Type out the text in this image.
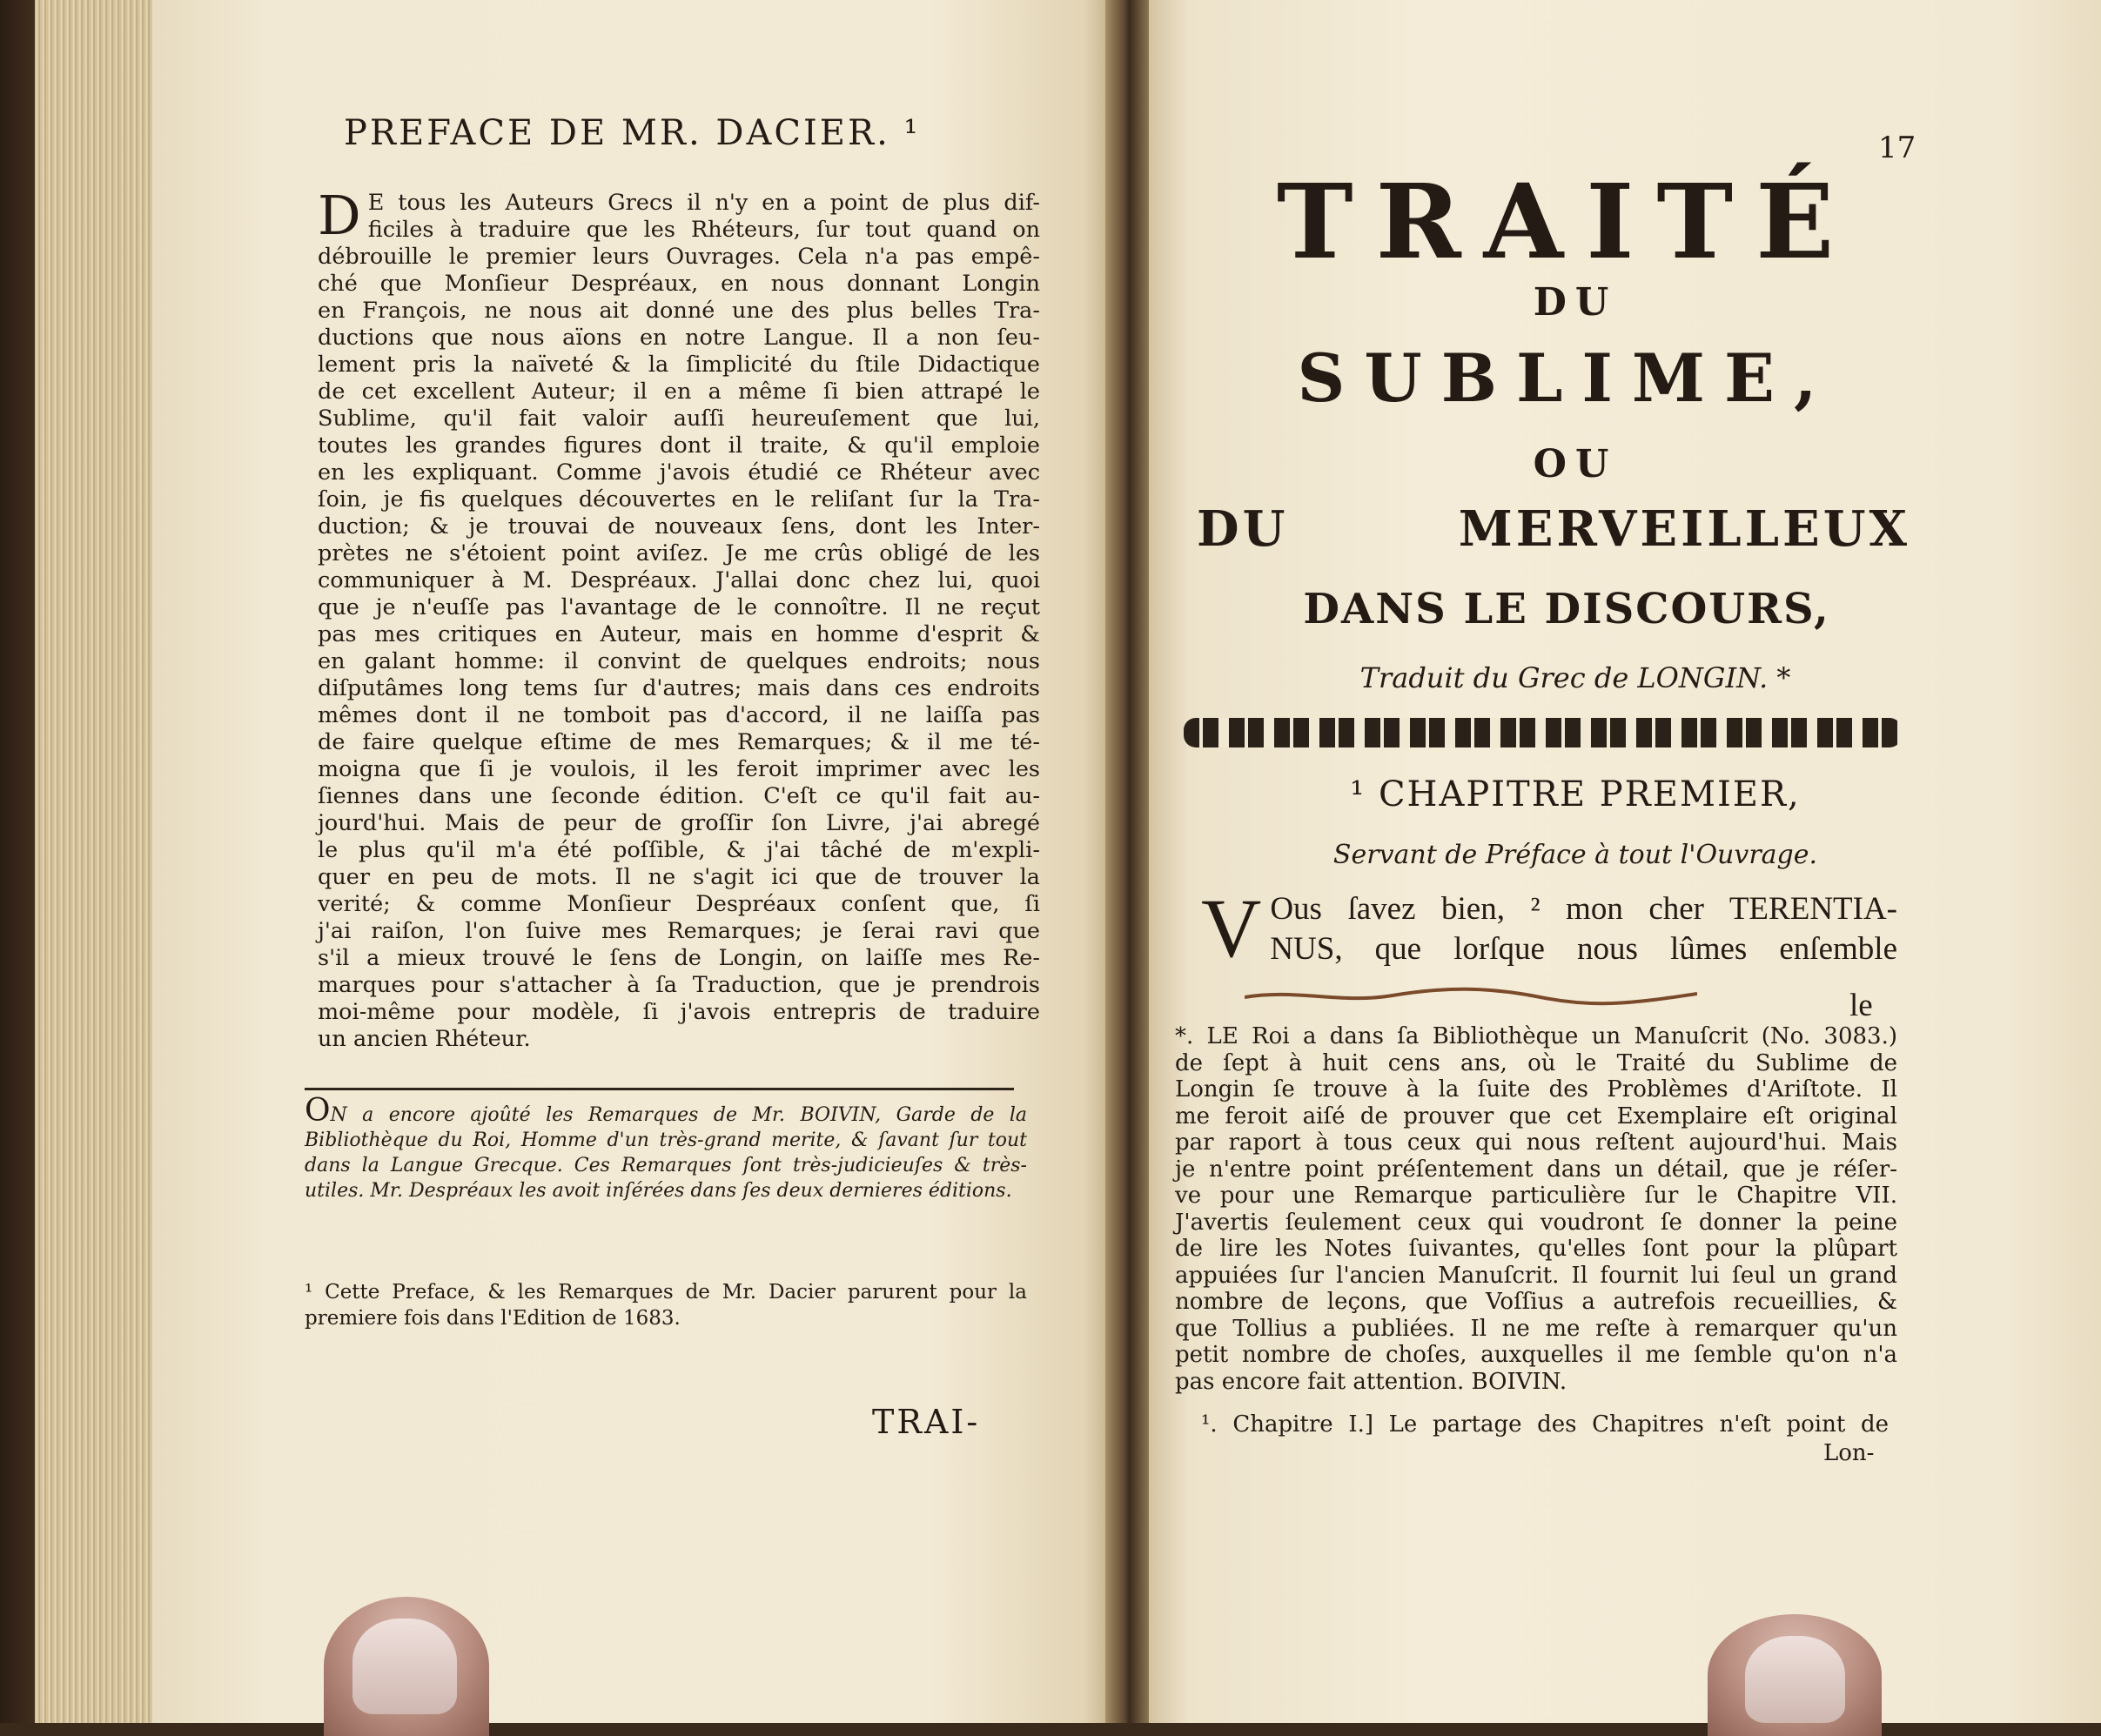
PREFACE DE MR. DACIER. ¹
D E tous les Auteurs Grecs il n'y en a point de plus dif-

ficiles à traduire que les Rhéteurs, ſur tout quand on

débrouille le premier leurs Ouvrages. Cela n'a pas empê-

ché que Monſieur Despréaux, en nous donnant Longin

en François, ne nous ait donné une des plus belles Tra-

ductions que nous aïons en notre Langue. Il a non ſeu-

lement pris la naïveté & la ſimplicité du ſtile Didactique

de cet excellent Auteur; il en a même ſi bien attrapé le

Sublime, qu'il fait valoir auſſi heureuſement que lui,

toutes les grandes figures dont il traite, & qu'il emploie

en les expliquant. Comme j'avois étudié ce Rhéteur avec

ſoin, je fis quelques découvertes en le reliſant ſur la Tra-

duction; & je trouvai de nouveaux ſens, dont les Inter-

prètes ne s'étoient point aviſez. Je me crûs obligé de les

communiquer à M. Despréaux. J'allai donc chez lui, quoi

que je n'euſſe pas l'avantage de le connoître. Il ne reçut

pas mes critiques en Auteur, mais en homme d'esprit &

en galant homme: il convint de quelques endroits; nous

diſputâmes long tems ſur d'autres; mais dans ces endroits

mêmes dont il ne tomboit pas d'accord, il ne laiſſa pas

de faire quelque eſtime de mes Remarques; & il me té-

moigna que ſi je voulois, il les feroit imprimer avec les

ſiennes dans une ſeconde édition. C'eſt ce qu'il fait au-

jourd'hui. Mais de peur de groſſir ſon Livre, j'ai abregé

le plus qu'il m'a été poſſible, & j'ai tâché de m'expli-

quer en peu de mots. Il ne s'agit ici que de trouver la

verité; & comme Monſieur Despréaux conſent que, ſi

j'ai raiſon, l'on ſuive mes Remarques; je ſerai ravi que

s'il a mieux trouvé le ſens de Longin, on laiſſe mes Re-

marques pour s'attacher à ſa Traduction, que je prendrois

moi-même pour modèle, ſi j'avois entrepris de traduire

un ancien Rhéteur.

ON a encore ajoûté les Remarques de Mr. BOIVIN, Garde de la Bibliothèque du Roi, Homme d'un très-grand merite, & ſavant ſur tout dans la Langue Grecque. Ces Remarques ſont très-judicieuſes & très-utiles. Mr. Despréaux les avoit inſérées dans ſes deux dernieres éditions.
¹ Cette Preface, & les Remarques de Mr. Dacier parurent pour la premiere fois dans l'Edition de 1683.
TRAI-
17
TRAITÉ
DU
SUBLIME,
OU
DU	MERVEILLEUX
DANS LE DISCOURS,
Traduit du Grec de LONGIN. *
¹ CHAPITRE PREMIER,
Servant de Préface à tout l'Ouvrage.
V Ous ſavez bien, ² mon cher TERENTIA-

NUS, que lorſque nous lûmes enſemble

le

*. LE Roi a dans ſa Bibliothèque un Manuſcrit (No. 3083.)

de ſept à huit cens ans, où le Traité du Sublime de

Longin ſe trouve à la ſuite des Problèmes d'Ariſtote. Il

me feroit aiſé de prouver que cet Exemplaire eſt original

par raport à tous ceux qui nous reſtent aujourd'hui. Mais

je n'entre point préſentement dans un détail, que je réſer-

ve pour une Remarque particulière ſur le Chapitre VII.

J'avertis ſeulement ceux qui voudront ſe donner la peine

de lire les Notes ſuivantes, qu'elles ſont pour la plûpart

appuiées ſur l'ancien Manuſcrit. Il fournit lui ſeul un grand

nombre de leçons, que Voſſius a autrefois recueillies, &

que Tollius a publiées. Il ne me reſte à remarquer qu'un

petit nombre de choſes, auxquelles il me ſemble qu'on n'a

pas encore fait attention. BOIVIN.

¹. Chapitre I.] Le partage des Chapitres n'eſt point de
Lon-
